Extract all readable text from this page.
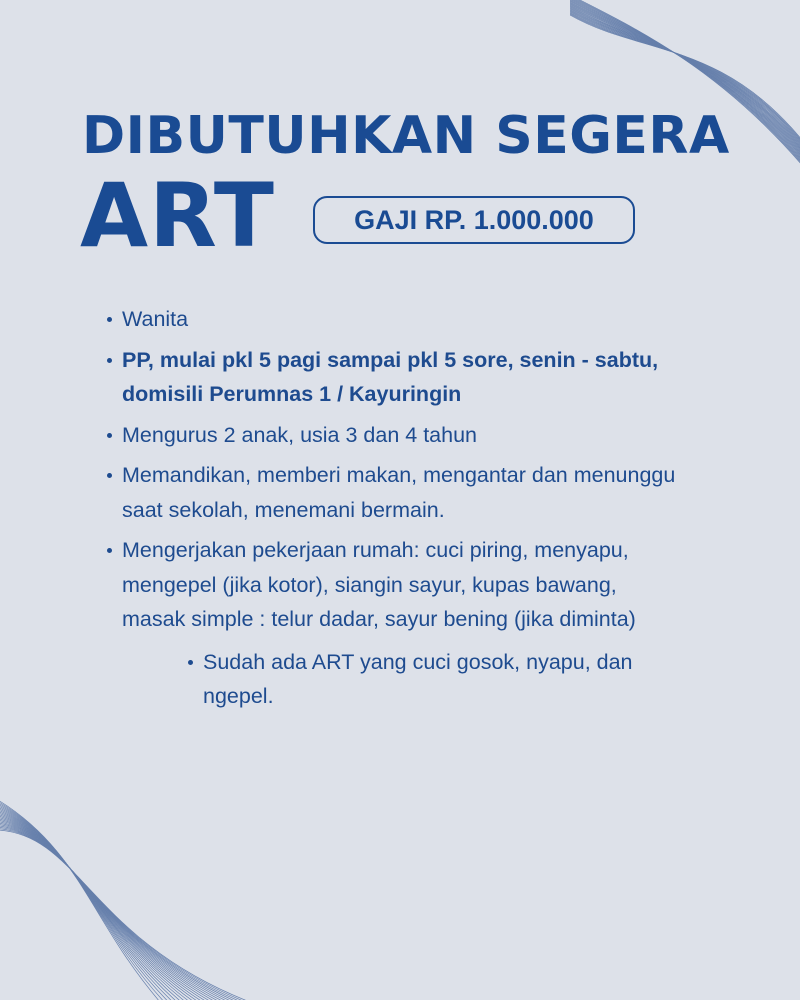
DIBUTUHKAN SEGERA
ART	GAJI RP. 1.000.000
Wanita
PP, mulai pkl 5 pagi sampai pkl 5 sore, senin - sabtu, domisili Perumnas 1 / Kayuringin
Mengurus 2 anak, usia 3 dan 4 tahun
Memandikan, memberi makan, mengantar dan menunggu saat sekolah, menemani bermain.
Mengerjakan pekerjaan rumah: cuci piring, menyapu, mengepel (jika kotor), siangin sayur, kupas bawang, masak simple : telur dadar, sayur bening (jika diminta)
Sudah ada ART yang cuci gosok, nyapu, dan ngepel.
